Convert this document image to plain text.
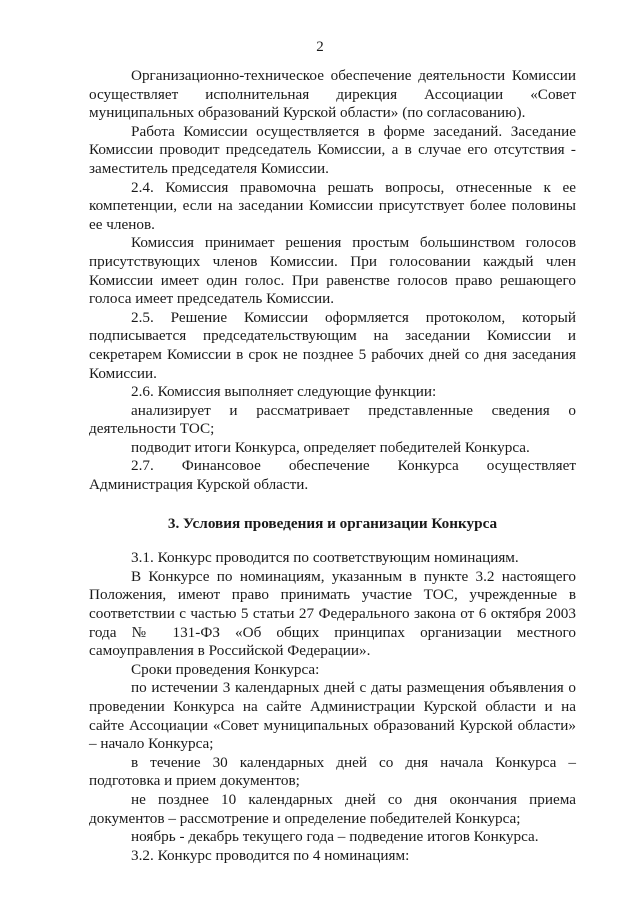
2

Организационно-техническое обеспечение деятельности Комиссии осуществляет исполнительная дирекция Ассоциации «Совет муниципальных образований Курской области» (по согласованию).

Работа Комиссии осуществляется в форме заседаний. Заседание Комиссии проводит председатель Комиссии, а в случае его отсутствия - заместитель председателя Комиссии.

2.4. Комиссия правомочна решать вопросы, отнесенные к ее компетенции, если на заседании Комиссии присутствует более половины ее членов.

Комиссия принимает решения простым большинством голосов присутствующих членов Комиссии. При голосовании каждый член Комиссии имеет один голос. При равенстве голосов право решающего голоса имеет председатель Комиссии.

2.5. Решение Комиссии оформляется протоколом, который подписывается председательствующим на заседании Комиссии и секретарем Комиссии в срок не позднее 5 рабочих дней со дня заседания Комиссии.

2.6. Комиссия выполняет следующие функции:

анализирует и рассматривает представленные сведения о деятельности ТОС;

подводит итоги Конкурса, определяет победителей Конкурса.

2.7. Финансовое обеспечение Конкурса осуществляет Администрация Курской области.

3. Условия проведения и организации Конкурса

3.1. Конкурс проводится по соответствующим номинациям.

В Конкурсе по номинациям, указанным в пункте 3.2 настоящего Положения, имеют право принимать участие ТОС, учрежденные в соответствии с частью 5 статьи 27 Федерального закона от 6 октября 2003 года № 131-ФЗ «Об общих принципах организации местного самоуправления в Российской Федерации».

Сроки проведения Конкурса:

по истечении 3 календарных дней с даты размещения объявления о проведении Конкурса на сайте Администрации Курской области и на сайте Ассоциации «Совет муниципальных образований Курской области» – начало Конкурса;

в течение 30 календарных дней со дня начала Конкурса – подготовка и прием документов;

не позднее 10 календарных дней со дня окончания приема документов – рассмотрение и определение победителей Конкурса;

ноябрь - декабрь текущего года – подведение итогов Конкурса.

3.2. Конкурс проводится по 4 номинациям:
